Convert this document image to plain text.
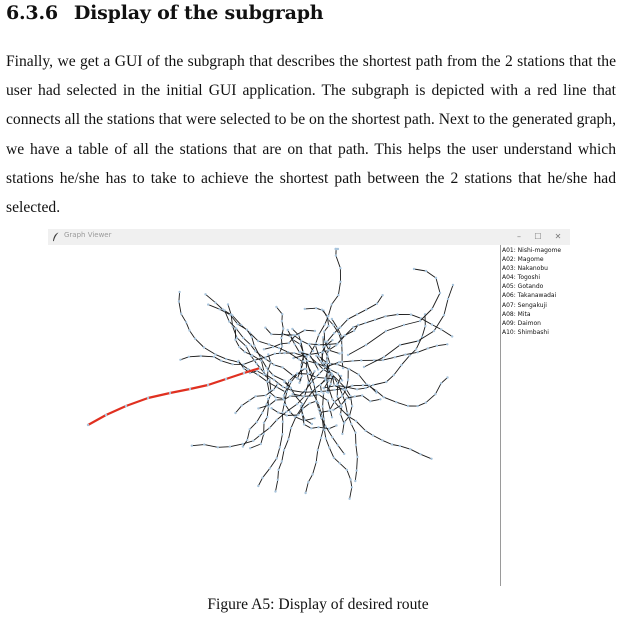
6.3.6 Display of the subgraph
Finally, we get a GUI of the subgraph that describes the shortest path from the 2 stations that the user had selected in the initial GUI application. The subgraph is depicted with a red line that connects all the stations that were selected to be on the shortest path. Next to the generated graph, we have a table of all the stations that are on that path. This helps the user understand which stations he/she has to take to achieve the shortest path between the 2 stations that he/she had selected.
Graph Viewer	–	☐	✕
A01: Nishi-magome
A02: Magome
A03: Nakanobu
A04: Togoshi
A05: Gotando
A06: Takanawadai
A07: Sengakuji
A08: Mita
A09: Daimon
A10: Shimbashi
Figure A5: Display of desired route
